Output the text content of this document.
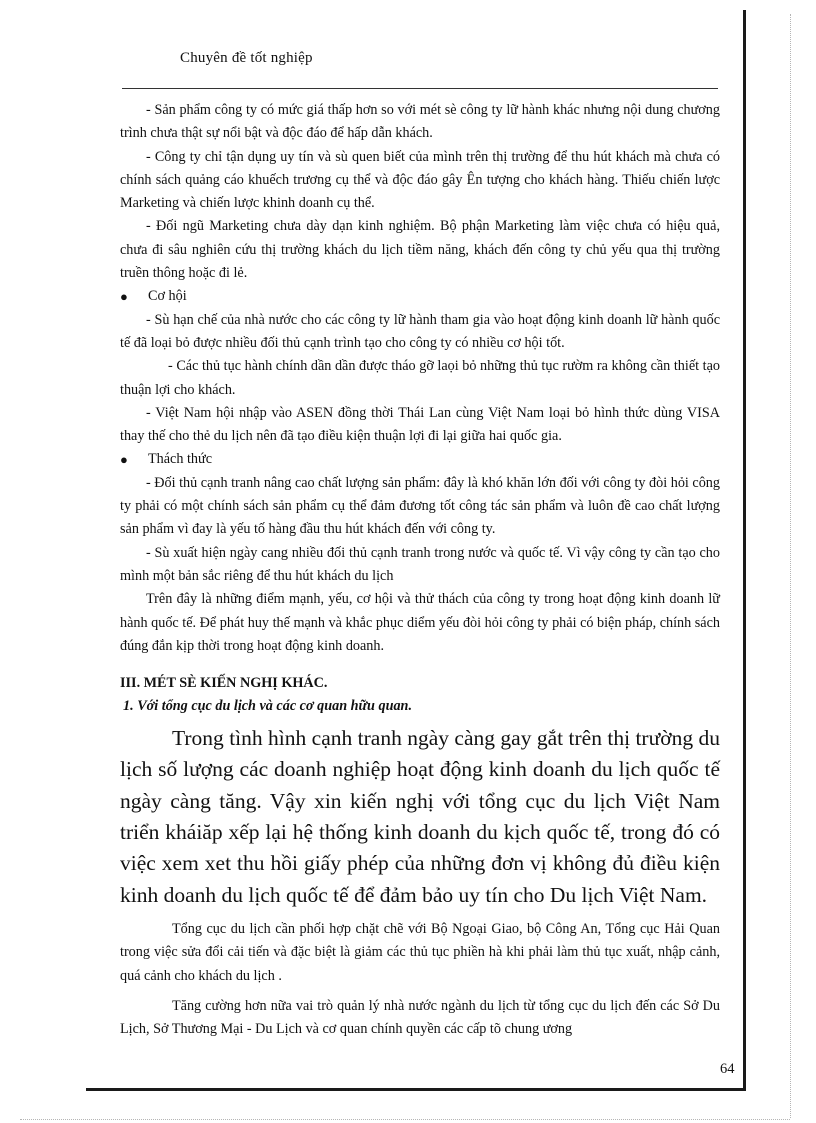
Chuyên đề tốt nghiệp

- Sản phẩm công ty có mức giá thấp hơn so với mét sè công ty lữ hành khác nhưng nội dung chương trình chưa thật sự nổi bật và độc đáo để hấp dẫn khách.

- Công ty chỉ tận dụng uy tín và sù quen biết của mình trên thị trường để thu hút khách mà chưa có chính sách quảng cáo khuếch trương cụ thể và độc đáo gây Ên tượng cho khách hàng. Thiếu chiến lược Marketing và chiến lược khinh doanh cụ thể.

- Đối ngũ Marketing chưa dày dạn kinh nghiệm. Bộ phận Marketing làm việc chưa có hiệu quả, chưa đi sâu nghiên cứu thị trường khách du lịch tiềm năng, khách đến công ty chủ yếu qua thị trường truền thông hoặc đi lẻ.

● Cơ hội

- Sù hạn chế của nhà nước cho các công ty lữ hành tham gia vào hoạt động kinh doanh lữ hành quốc tế đã loại bỏ được nhiều đối thủ cạnh trình tạo cho công ty có nhiều cơ hội tốt.

- Các thủ tục hành chính dần dần được tháo gỡ laọi bỏ những thủ tục rườm ra không cần thiết tạo thuận lợi cho khách.

- Việt Nam hội nhập vào ASEN đồng thời Thái Lan cùng Việt Nam loại bỏ hình thức dùng VISA thay thế cho thẻ du lịch nên đã tạo điều kiện thuận lợi đi lại giữa hai quốc gia.

● Thách thức

- Đối thủ cạnh tranh nâng cao chất lượng sản phẩm: đây là khó khăn lớn đối với công ty đòi hỏi công ty phải có một chính sách sản phẩm cụ thể đảm đương tốt công tác sản phẩm và luôn đề cao chất lượng sản phẩm vì đay là yếu tố hàng đầu thu hút khách đến với công ty.

- Sù xuất hiện ngày cang nhiều đối thủ cạnh tranh trong nước và quốc tế. Vì vậy công ty cần tạo cho mình một bản sắc riêng để thu hút khách du lịch

Trên đây là những điểm mạnh, yếu, cơ hội và thử thách của công ty trong hoạt động kinh doanh lữ hành quốc tế. Để phát huy thế mạnh và khắc phục diểm yếu đòi hỏi công ty phải có biện pháp, chính sách đúng đắn kịp thời trong hoạt động kinh doanh.

III. MÉT SÈ KIẾN NGHỊ KHÁC.

1. Với tổng cục du lịch và các cơ quan hữu quan.

Trong tình hình cạnh tranh ngày càng gay gắt trên thị trường du lịch số lượng các doanh nghiệp hoạt động kinh doanh du lịch quốc tế ngày càng tăng. Vậy xin kiến nghị với tổng cục du lịch Việt Nam triển kháiăp xếp lại hệ thống kinh doanh du kịch quốc tế, trong đó có việc xem xet thu hồi giấy phép của những đơn vị không đủ điều kiện kinh doanh du lịch quốc tế để đảm bảo uy tín cho Du lịch Việt Nam.

Tổng cục du lịch cần phối hợp chặt chẽ với Bộ Ngoại Giao, bộ Công An, Tổng cục Hải Quan trong việc sửa đổi cải tiến và đặc biệt là giảm các thủ tục phiền hà khi phải làm thủ tục xuất, nhập cảnh, quá cảnh cho khách du lịch .

Tăng cường hơn nữa vai trò quản lý nhà nước ngành du lịch từ tổng cục du lịch đến các Sở Du Lịch, Sở Thương Mại - Du Lịch và cơ quan chính quyền các cấp tõ chung ương

64
